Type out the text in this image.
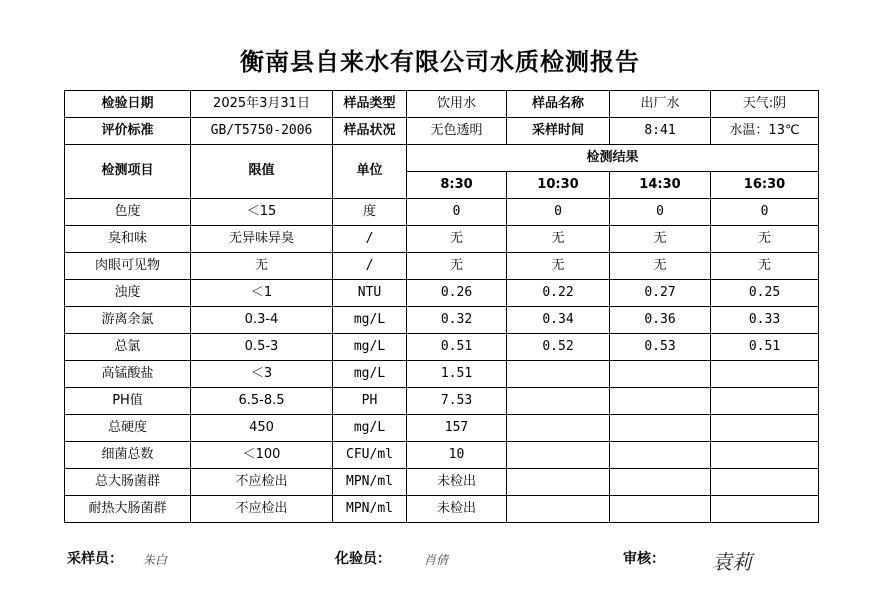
衡南县自来水有限公司水质检测报告
检验日期	2025年3月31日	样品类型	饮用水	样品名称	出厂水	天气:阴
评价标准	GB/T5750-2006	样品状况	无色透明	采样时间	8:41	水温：13℃
检测项目	限值	单位	检测结果			
			8:30	10:30	14:30	16:30
色度	＜15	度	0	0	0	0
臭和味	无异味异臭	/	无	无	无	无
肉眼可见物	无	/	无	无	无	无
浊度	＜1	NTU	0.26	0.22	0.27	0.25
游离余氯	0.3-4	mg/L	0.32	0.34	0.36	0.33
总氯	0.5-3	mg/L	0.51	0.52	0.53	0.51
高锰酸盐	＜3	mg/L	1.51			
PH值	6.5-8.5	PH	7.53			
总硬度	450	mg/L	157			
细菌总数	＜100	CFU/ml	10			
总大肠菌群	不应检出	MPN/ml	未检出			
耐热大肠菌群	不应检出	MPN/ml	未检出			
采样员： 朱白	化验员：	肖倩	审核： 袁莉
